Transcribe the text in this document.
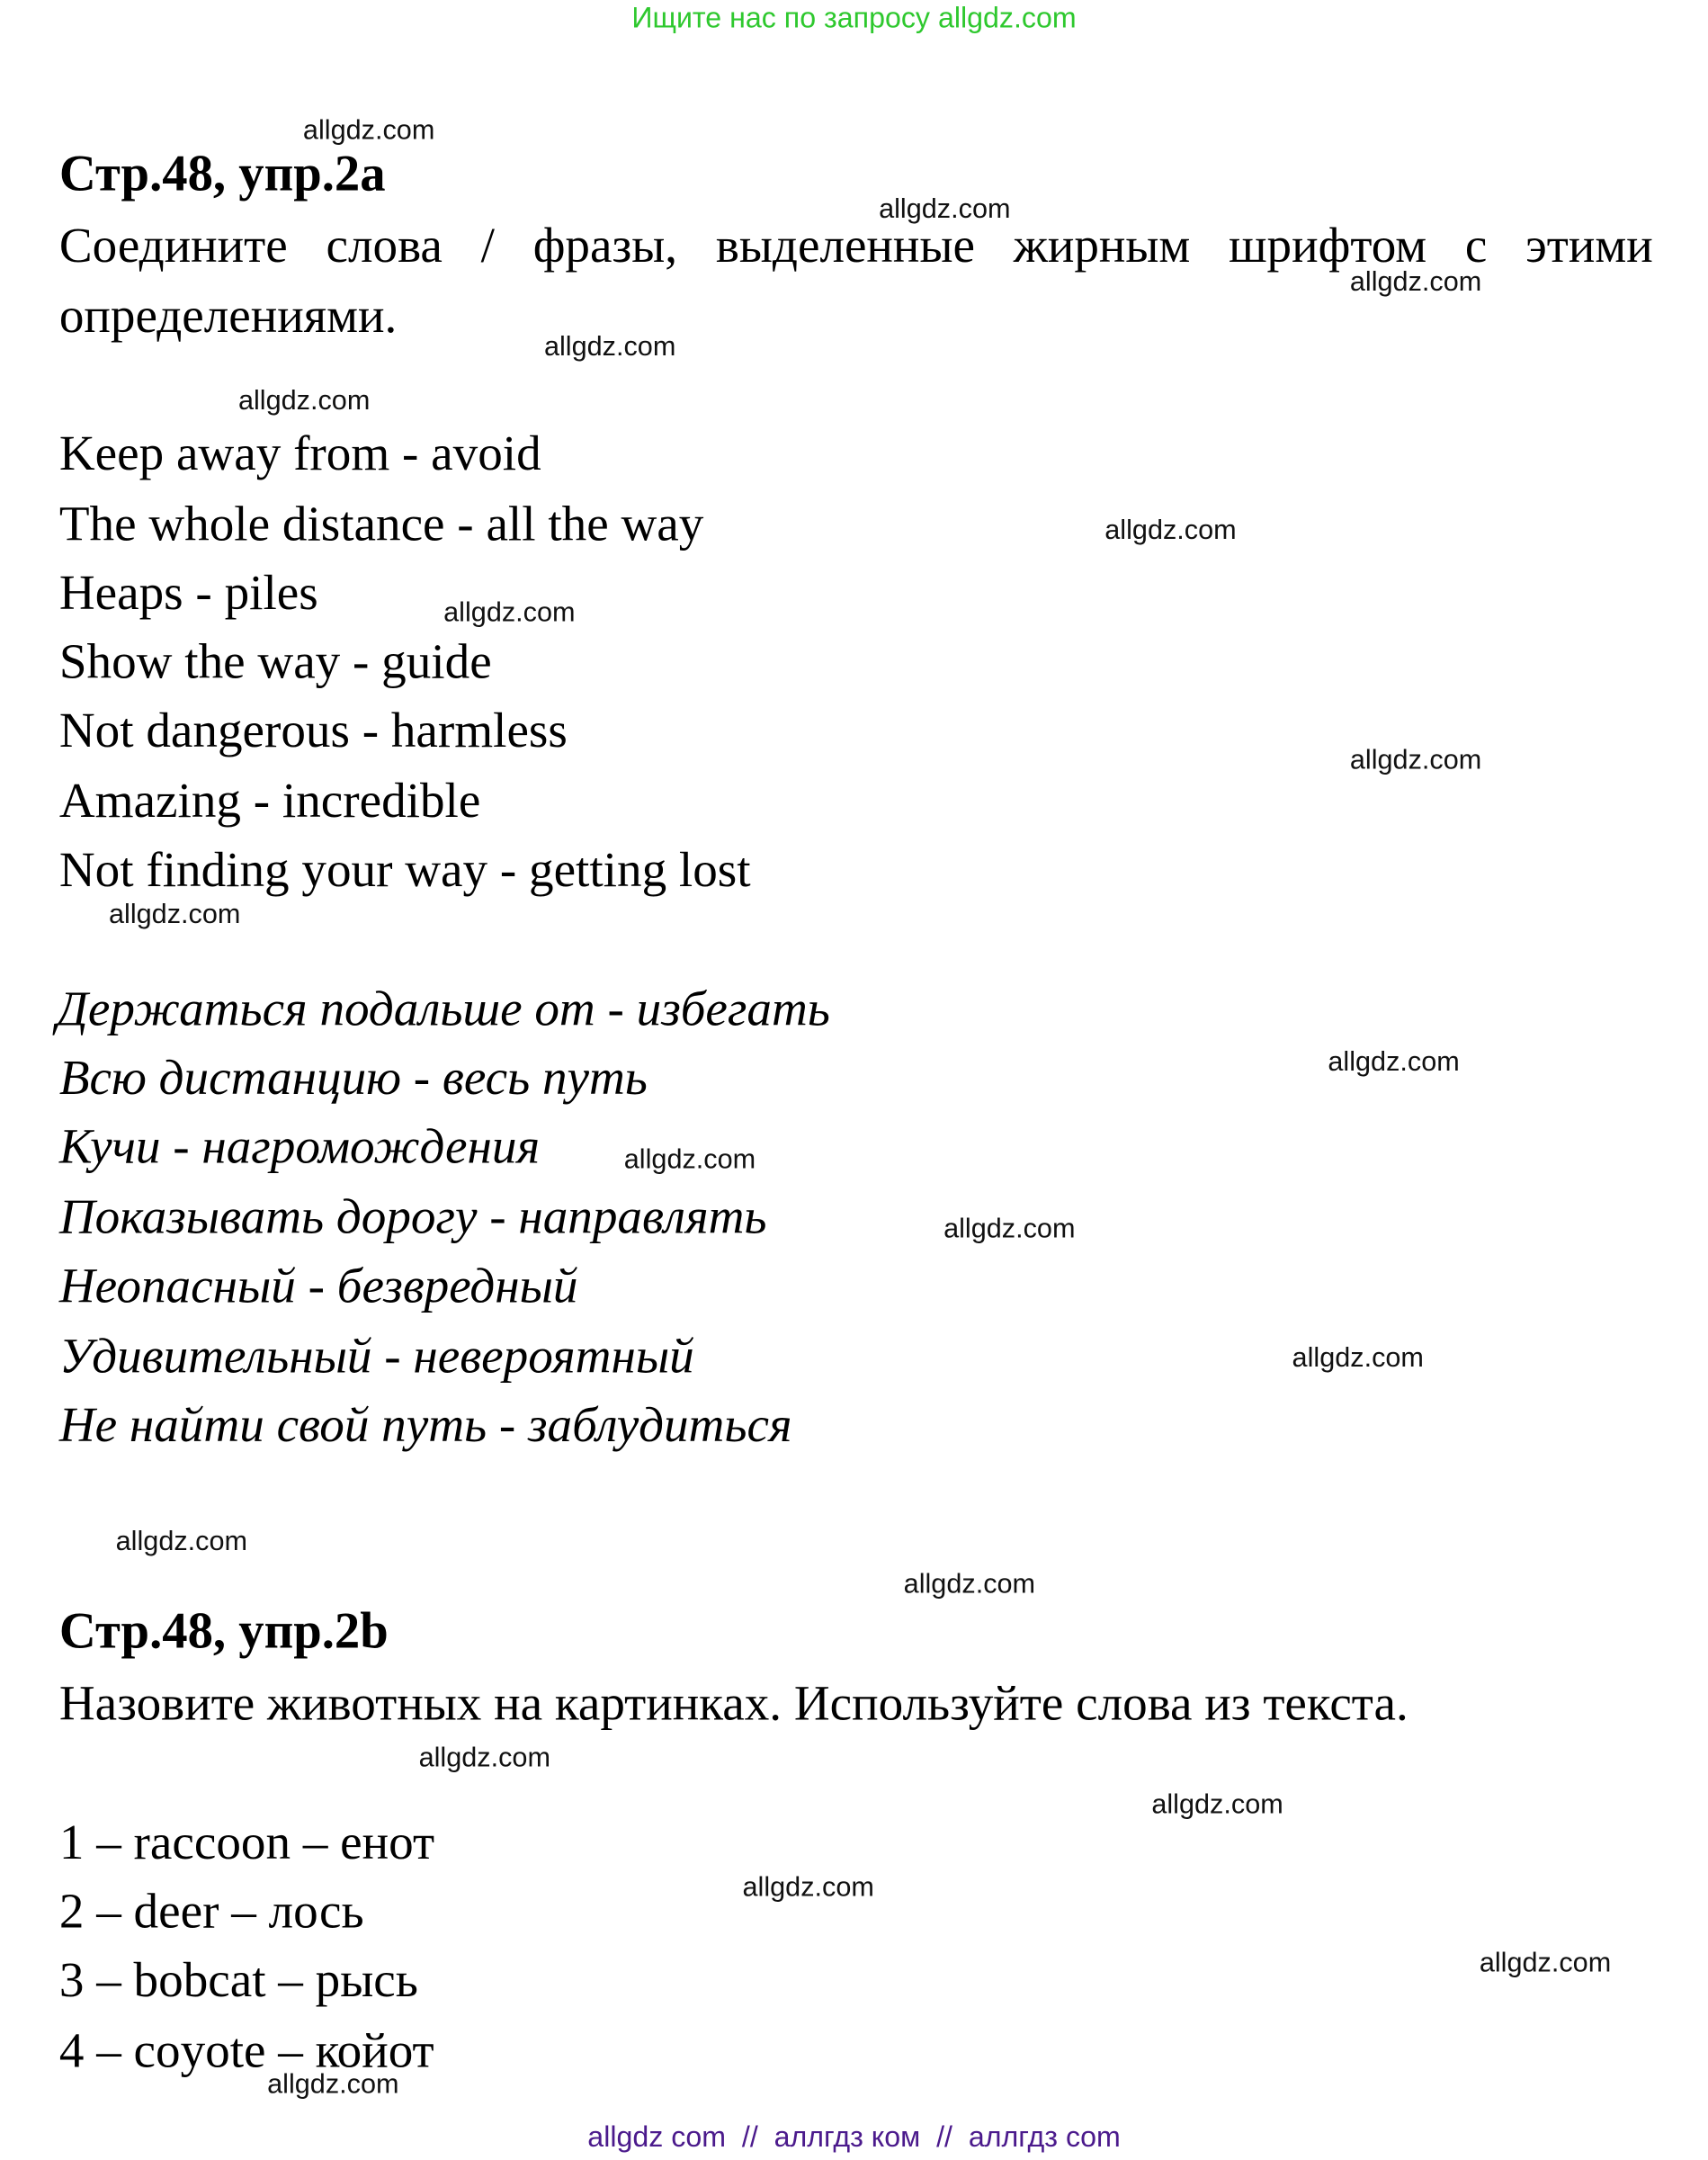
Ищите нас по запросу allgdz.com
Стр.48, упр.2a
Соедините слова / фразы, выделенные жирным шрифтом с этими
определениями.
Keep away from - avoid
The whole distance - all the way
Heaps - piles
Show the way - guide
Not dangerous - harmless
Amazing - incredible
Not finding your way - getting lost
Держаться подальше от - избегать
Всю дистанцию - весь путь
Кучи - нагромождения
Показывать дорогу - направлять
Неопасный - безвредный
Удивительный - невероятный
Не найти свой путь - заблудиться
Стр.48, упр.2b
Назовите животных на картинках. Используйте слова из текста.
1 – raccoon – енот
2 – deer – лось
3 – bobcat – рысь
4 – coyote – койот
allgdz.com
allgdz.com
allgdz.com
allgdz.com
allgdz.com
allgdz.com
allgdz.com
allgdz.com
allgdz.com
allgdz.com
allgdz.com
allgdz.com
allgdz.com
allgdz.com
allgdz.com
allgdz.com
allgdz.com
allgdz.com
allgdz.com
allgdz.com
allgdz com  //  аллгдз ком  //  аллгдз com
